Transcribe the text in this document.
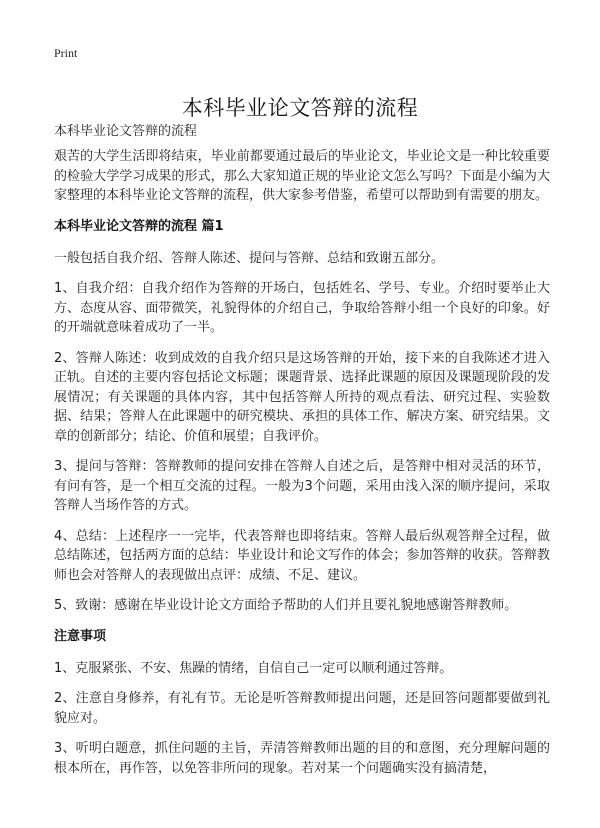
Print
本科毕业论文答辩的流程
本科毕业论文答辩的流程

艰苦的大学生活即将结束，毕业前都要通过最后的毕业论文，毕业论文是一种比较重要的检验大学学习成果的形式，那么大家知道正规的毕业论文怎么写吗？下面是小编为大家整理的本科毕业论文答辩的流程，供大家参考借鉴，希望可以帮助到有需要的朋友。

本科毕业论文答辩的流程 篇1

一般包括自我介绍、答辩人陈述、提问与答辩、总结和致谢五部分。

1、自我介绍：自我介绍作为答辩的开场白，包括姓名、学号、专业。介绍时要举止大方、态度从容、面带微笑，礼貌得体的介绍自己，争取给答辩小组一个良好的印象。好的开端就意味着成功了一半。

2、答辩人陈述：收到成效的自我介绍只是这场答辩的开始，接下来的自我陈述才进入正轨。自述的主要内容包括论文标题；课题背景、选择此课题的原因及课题现阶段的发展情况；有关课题的具体内容，其中包括答辩人所持的观点看法、研究过程、实验数据、结果；答辩人在此课题中的研究模块、承担的具体工作、解决方案、研究结果。文章的创新部分；结论、价值和展望；自我评价。

3、提问与答辩：答辩教师的提问安排在答辩人自述之后，是答辩中相对灵活的环节，有问有答，是一个相互交流的过程。一般为3个问题，采用由浅入深的顺序提问，采取答辩人当场作答的方式。

4、总结：上述程序一一完毕，代表答辩也即将结束。答辩人最后纵观答辩全过程，做总结陈述，包括两方面的总结：毕业设计和论文写作的体会；参加答辩的收获。答辩教师也会对答辩人的表现做出点评：成绩、不足、建议。

5、致谢：感谢在毕业设计论文方面给予帮助的人们并且要礼貌地感谢答辩教师。

注意事项

1、克服紧张、不安、焦躁的情绪，自信自己一定可以顺利通过答辩。

2、注意自身修养，有礼有节。无论是听答辩教师提出问题，还是回答问题都要做到礼貌应对。

3、听明白题意，抓住问题的主旨，弄清答辩教师出题的目的和意图，充分理解问题的根本所在，再作答，以免答非所问的现象。若对某一个问题确实没有搞清楚，
